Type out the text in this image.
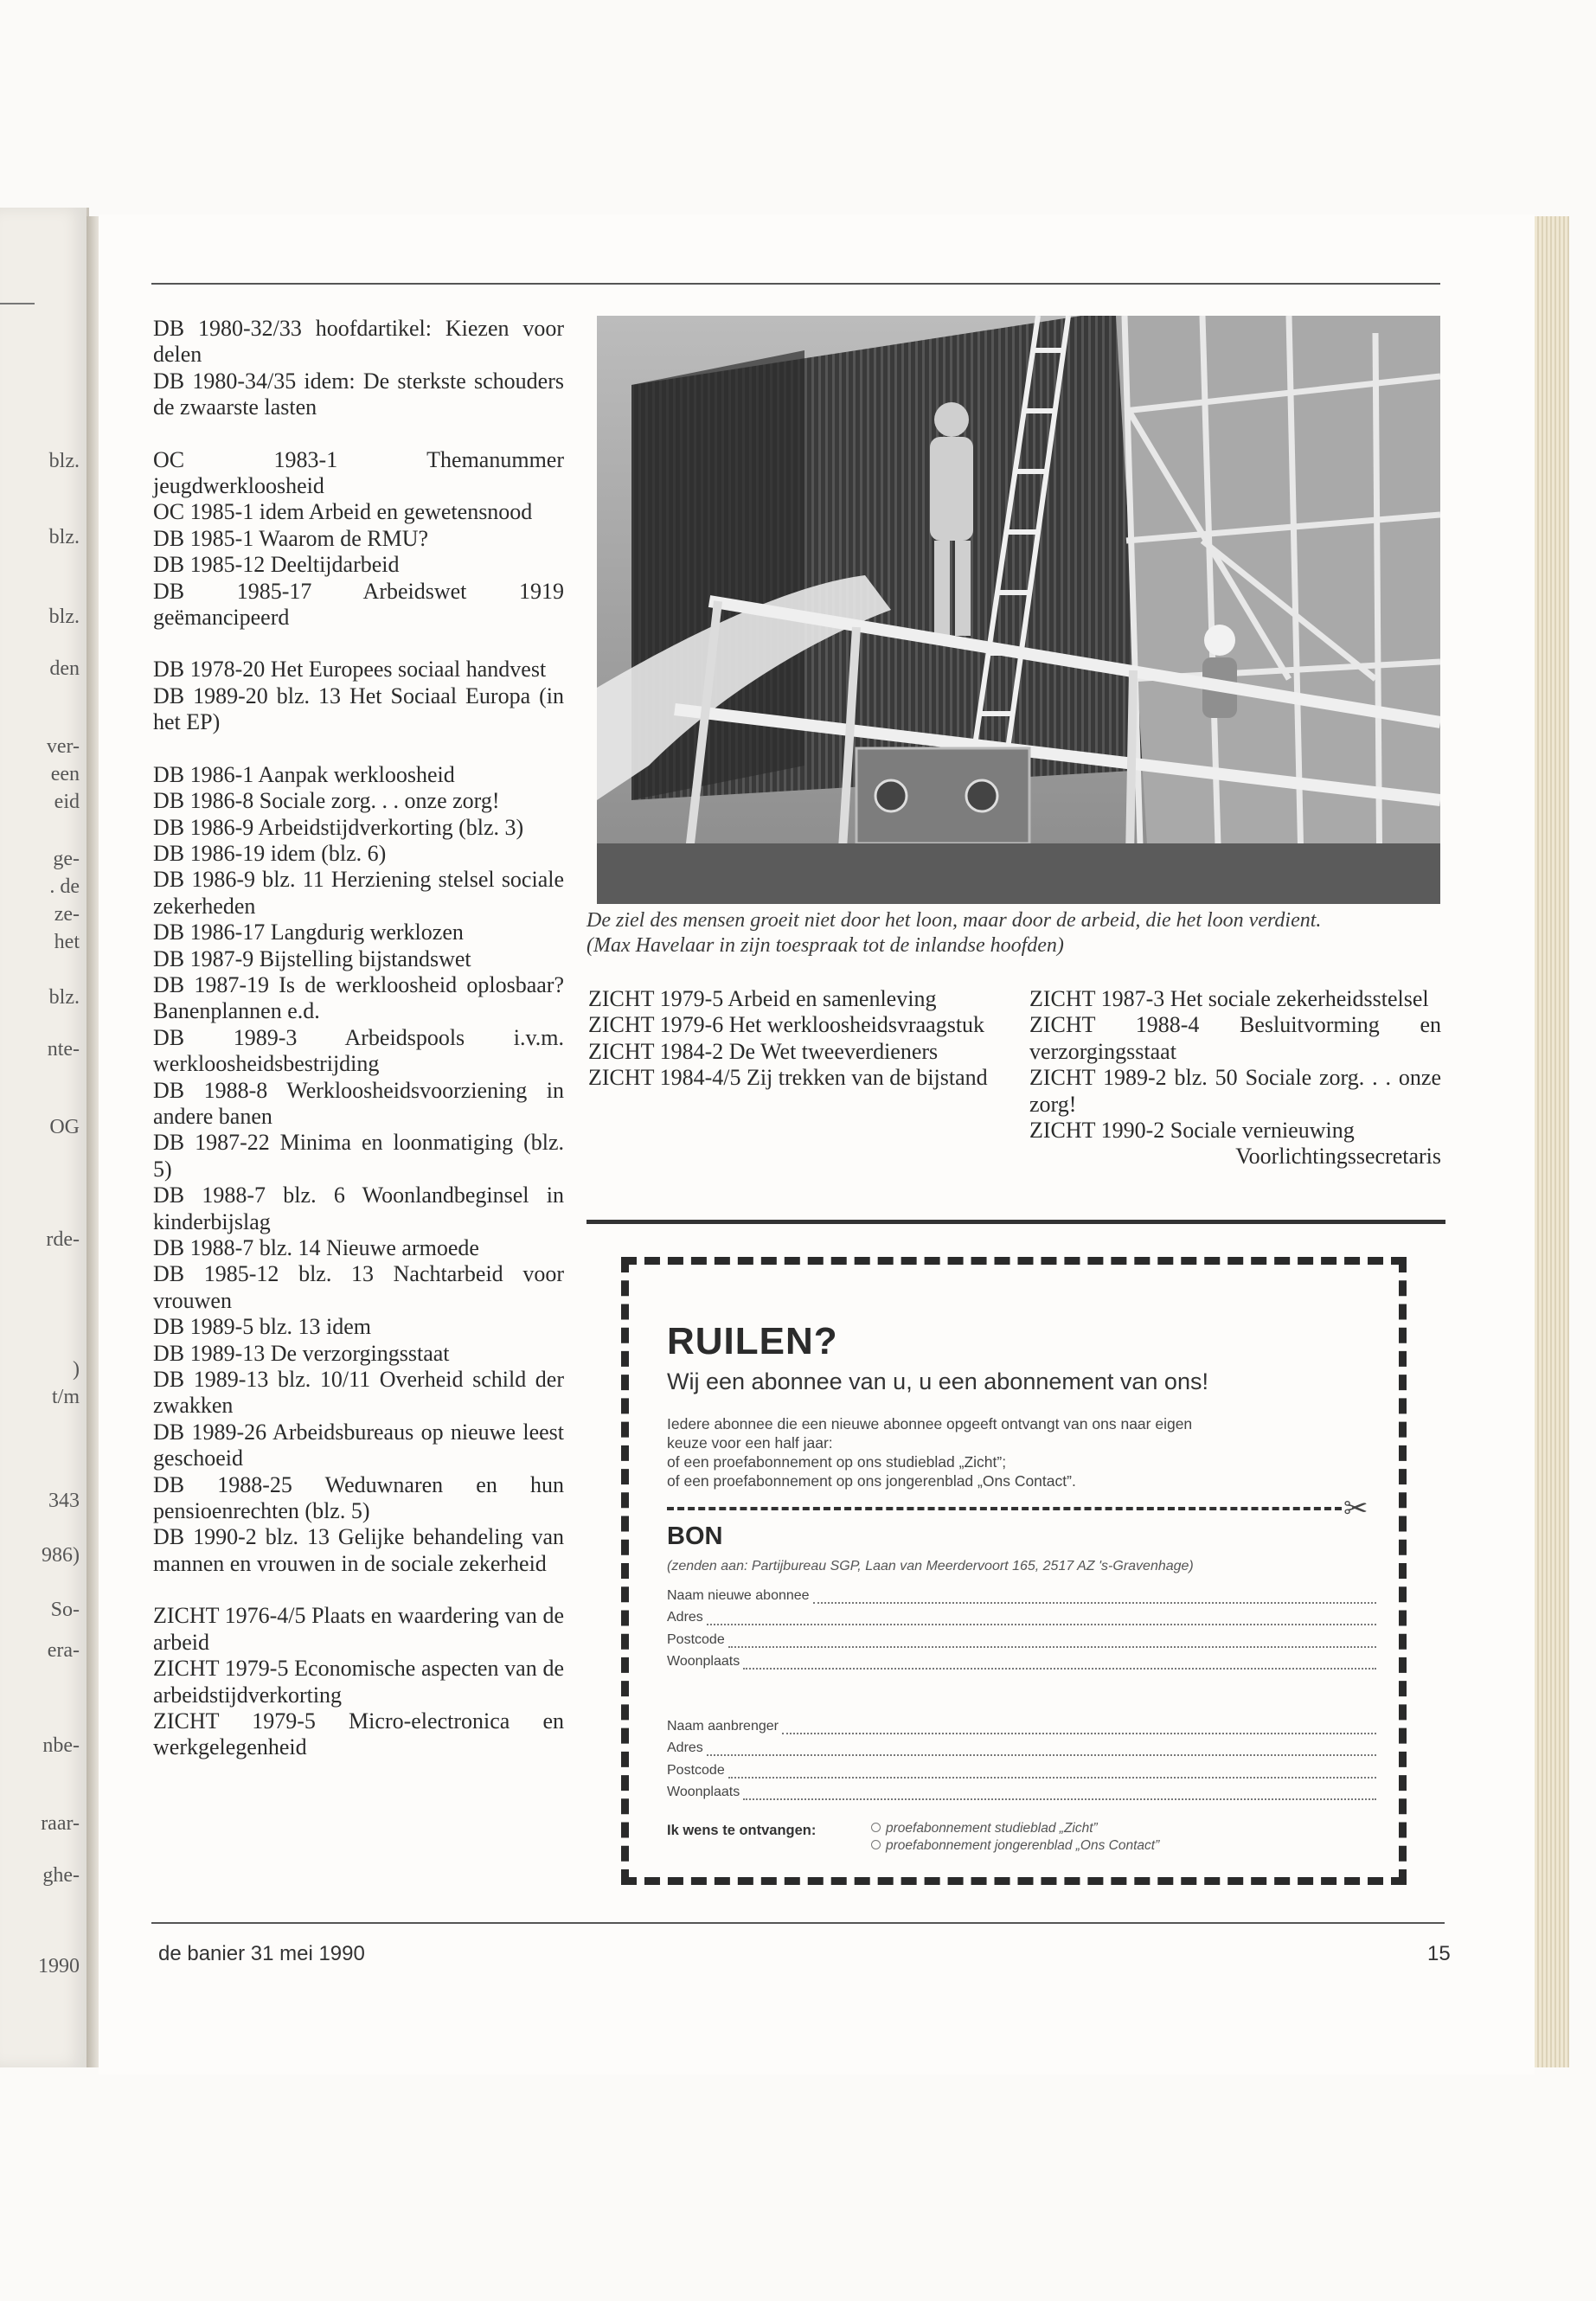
blz.
blz.
blz.
den
ver-
een
eid
ge-
. de
ze-
het
blz.
nte-
OG
rde-
)
t/m
343
986)
So-
era-
nbe-
raar-
ghe-
1990

DB 1980-32/33 hoofdartikel: Kiezen voor delen

DB 1980-34/35 idem: De sterkste schouders de zwaarste lasten

OC 1983-1 Themanummer jeugdwerkloosheid

OC 1985-1 idem Arbeid en gewetensnood

DB 1985-1 Waarom de RMU?

DB 1985-12 Deeltijdarbeid

DB 1985-17 Arbeidswet 1919 geëmancipeerd

DB 1978-20 Het Europees sociaal handvest

DB 1989-20 blz. 13 Het Sociaal Europa (in het EP)

DB 1986-1 Aanpak werkloosheid

DB 1986-8 Sociale zorg. . . onze zorg!

DB 1986-9 Arbeidstijdverkorting (blz. 3)

DB 1986-19 idem (blz. 6)

DB 1986-9 blz. 11 Herziening stelsel sociale zekerheden

DB 1986-17 Langdurig werklozen

DB 1987-9 Bijstelling bijstandswet

DB 1987-19 Is de werkloosheid oplosbaar? Banenplannen e.d.

DB 1989-3 Arbeidspools i.v.m. werkloosheidsbestrijding

DB 1988-8 Werkloosheidsvoorziening in andere banen

DB 1987-22 Minima en loonmatiging (blz. 5)

DB 1988-7 blz. 6 Woonlandbeginsel in kinderbijslag

DB 1988-7 blz. 14 Nieuwe armoede

DB 1985-12 blz. 13 Nachtarbeid voor vrouwen

DB 1989-5 blz. 13 idem

DB 1989-13 De verzorgingsstaat

DB 1989-13 blz. 10/11 Overheid schild der zwakken

DB 1989-26 Arbeidsbureaus op nieuwe leest geschoeid

DB 1988-25 Weduwnaren en hun pensioenrechten (blz. 5)

DB 1990-2 blz. 13 Gelijke behandeling van mannen en vrouwen in de sociale zekerheid

ZICHT 1976-4/5 Plaats en waardering van de arbeid

ZICHT 1979-5 Economische aspecten van de arbeidstijdverkorting

ZICHT 1979-5 Micro-electronica en werkgelegenheid

De ziel des mensen groeit niet door het loon, maar door de arbeid, die het loon verdient.
(Max Havelaar in zijn toespraak tot de inlandse hoofden)

ZICHT 1979-5 Arbeid en samenleving

ZICHT 1979-6 Het werkloosheidsvraagstuk

ZICHT 1984-2 De Wet tweeverdieners

ZICHT 1984-4/5 Zij trekken van de bijstand

ZICHT 1987-3 Het sociale zekerheidsstelsel

ZICHT 1988-4 Besluitvorming en verzorgingsstaat

ZICHT 1989-2 blz. 50 Sociale zorg. . . onze zorg!

ZICHT 1990-2 Sociale vernieuwing

Voorlichtingssecretaris

RUILEN?
Wij een abonnee van u, u een abonnement van ons!

Iedere abonnee die een nieuwe abonnee opgeeft ontvangt van ons naar eigen

keuze voor een half jaar:

of een proefabonnement op ons studieblad „Zicht”;

of een proefabonnement op ons jongerenblad „Ons Contact”.

✂
BON
(zenden aan: Partijbureau SGP, Laan van Meerdervoort 165, 2517 AZ 's-Gravenhage)
Naam nieuwe abonnee
Adres
Postcode
Woonplaats
Naam aanbrenger
Adres
Postcode
Woonplaats
Ik wens te ontvangen:	proefabonnement studieblad „Zicht”
proefabonnement jongerenblad „Ons Contact”
de banier 31 mei 1990	15
